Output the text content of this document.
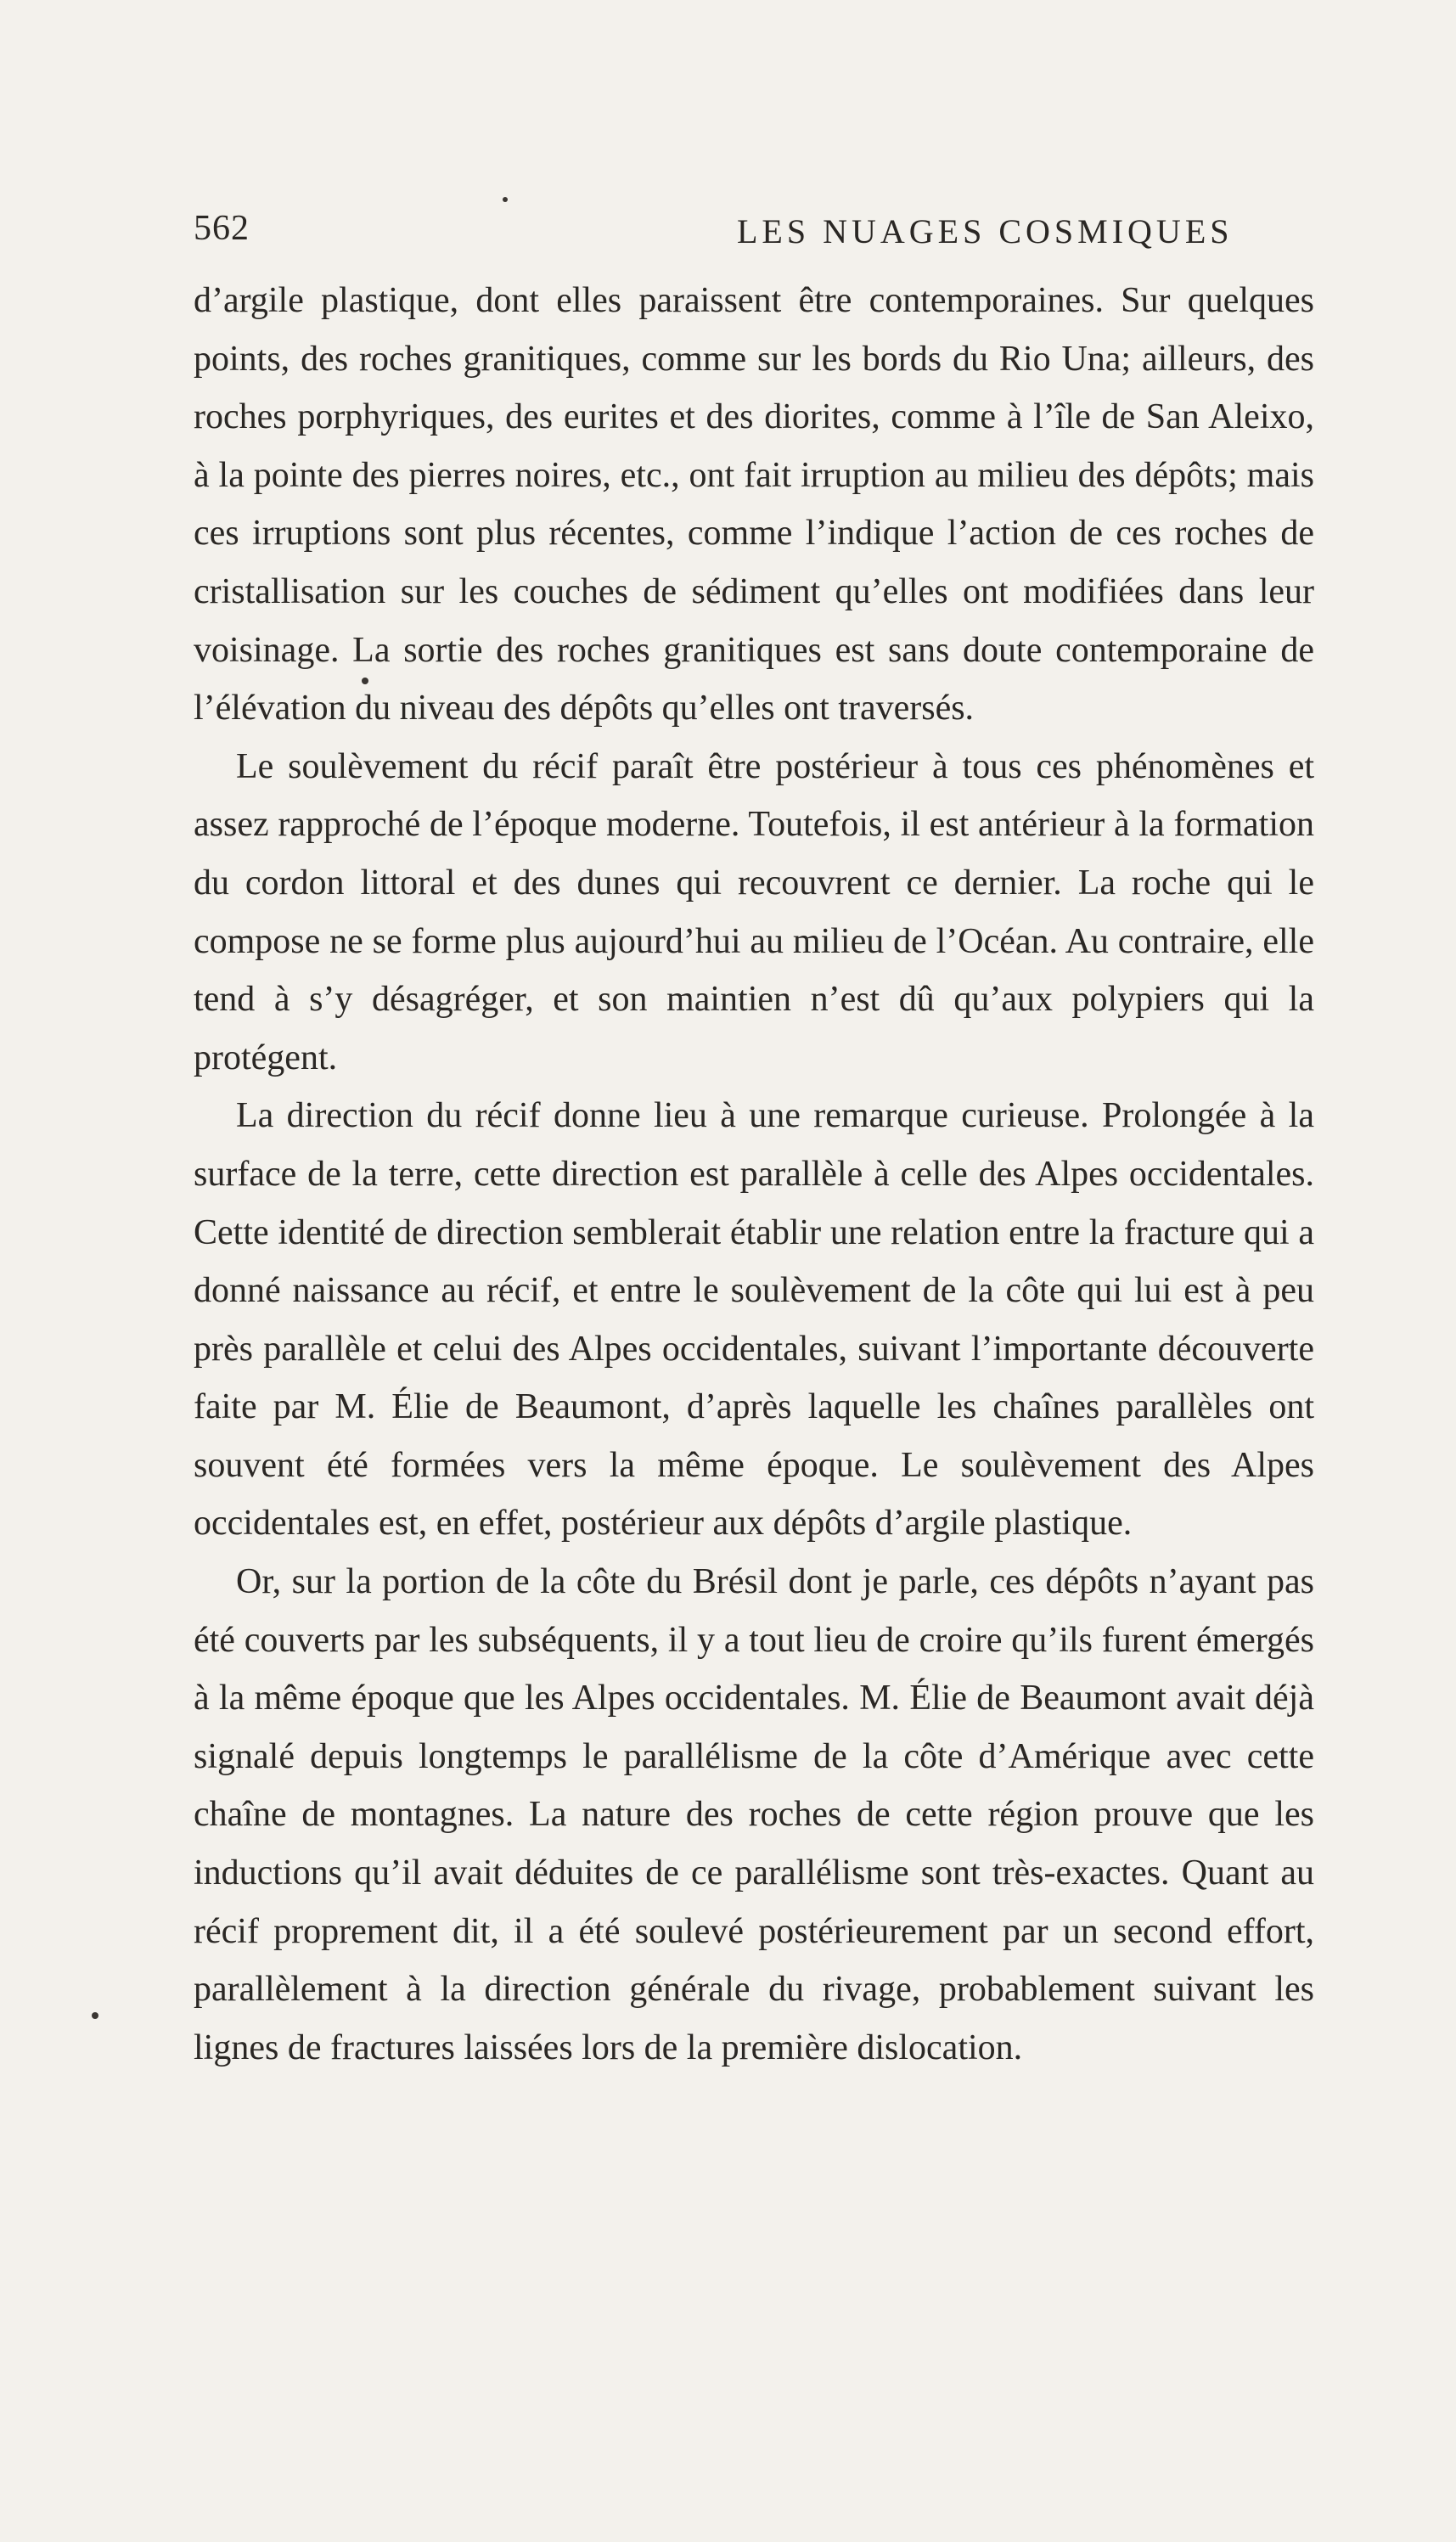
562	LES NUAGES COSMIQUES

d’argile plastique, dont elles paraissent être contemporaines. Sur quelques points, des roches granitiques, comme sur les bords du Rio Una; ailleurs, des roches porphyriques, des eurites et des diorites, comme à l’île de San Aleixo, à la pointe des pierres noires, etc., ont fait irruption au milieu des dépôts; mais ces irruptions sont plus récentes, comme l’indique l’action de ces roches de cristallisation sur les couches de sédiment qu’elles ont modifiées dans leur voisinage. La sortie des roches granitiques est sans doute contemporaine de l’élévation du niveau des dépôts qu’elles ont traversés.

Le soulèvement du récif paraît être postérieur à tous ces phénomènes et assez rapproché de l’époque moderne. Toutefois, il est antérieur à la formation du cordon littoral et des dunes qui recouvrent ce dernier. La roche qui le compose ne se forme plus aujourd’hui au milieu de l’Océan. Au contraire, elle tend à s’y désagréger, et son maintien n’est dû qu’aux polypiers qui la protégent.

La direction du récif donne lieu à une remarque curieuse. Prolongée à la surface de la terre, cette direction est parallèle à celle des Alpes occidentales. Cette identité de direction semblerait établir une relation entre la fracture qui a donné naissance au récif, et entre le soulèvement de la côte qui lui est à peu près parallèle et celui des Alpes occidentales, suivant l’importante découverte faite par M. Élie de Beaumont, d’après laquelle les chaînes parallèles ont souvent été formées vers la même époque. Le soulèvement des Alpes occidentales est, en effet, postérieur aux dépôts d’argile plastique.

Or, sur la portion de la côte du Brésil dont je parle, ces dépôts n’ayant pas été couverts par les subséquents, il y a tout lieu de croire qu’ils furent émergés à la même époque que les Alpes occidentales. M. Élie de Beaumont avait déjà signalé depuis longtemps le parallélisme de la côte d’Amérique avec cette chaîne de montagnes. La nature des roches de cette région prouve que les inductions qu’il avait déduites de ce parallélisme sont très-exactes. Quant au récif proprement dit, il a été soulevé postérieurement par un second effort, parallèlement à la direction générale du rivage, probablement suivant les lignes de fractures laissées lors de la première dislocation.
